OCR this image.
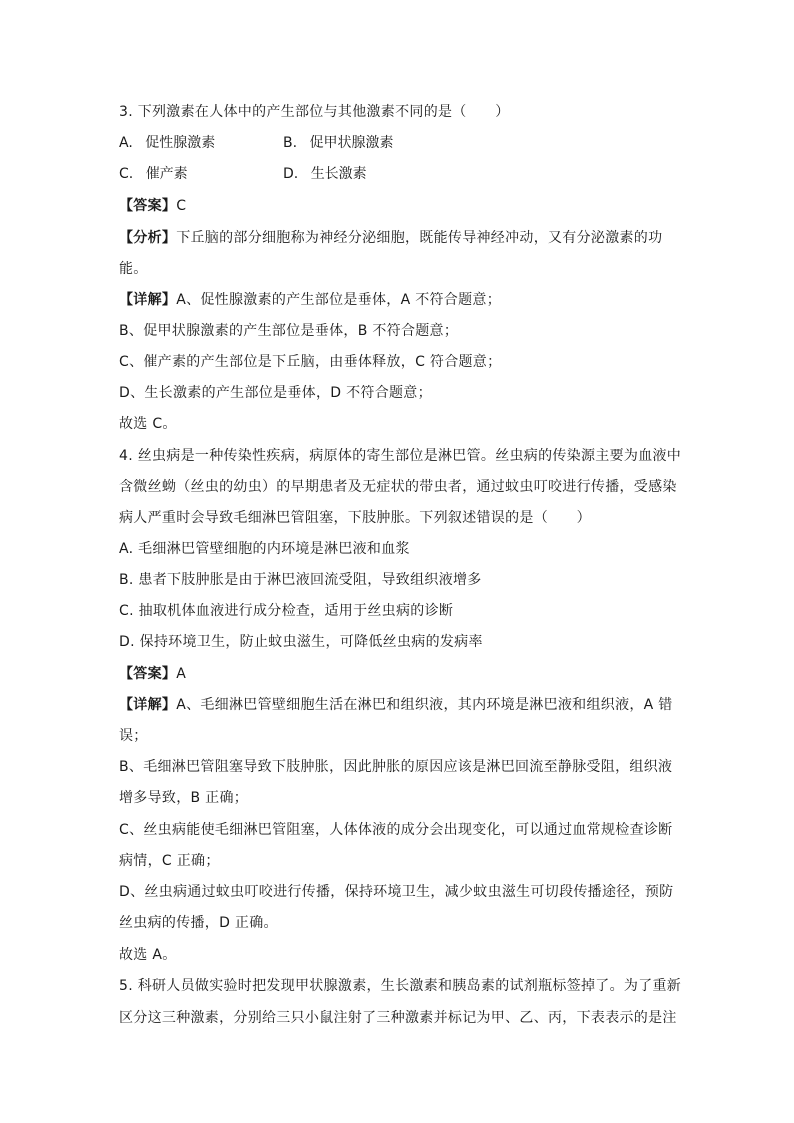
3. 下列激素在人体中的产生部位与其他激素不同的是（　　）
A. 促性腺激素	B. 促甲状腺激素
C. 催产素	D. 生长激素
【答案】C
【分析】下丘脑的部分细胞称为神经分泌细胞，既能传导神经冲动，又有分泌激素的功
能。
【详解】A、促性腺激素的产生部位是垂体，A 不符合题意；
B、促甲状腺激素的产生部位是垂体，B 不符合题意；
C、催产素的产生部位是下丘脑，由垂体释放，C 符合题意；
D、生长激素的产生部位是垂体，D 不符合题意；
故选 C。
4. 丝虫病是一种传染性疾病，病原体的寄生部位是淋巴管。丝虫病的传染源主要为血液中
含微丝蚴（丝虫的幼虫）的早期患者及无症状的带虫者，通过蚊虫叮咬进行传播，受感染
病人严重时会导致毛细淋巴管阻塞，下肢肿胀。下列叙述错误的是（　　）
A. 毛细淋巴管壁细胞的内环境是淋巴液和血浆
B. 患者下肢肿胀是由于淋巴液回流受阻，导致组织液增多
C. 抽取机体血液进行成分检查，适用于丝虫病的诊断
D. 保持环境卫生，防止蚊虫滋生，可降低丝虫病的发病率
【答案】A
【详解】A、毛细淋巴管壁细胞生活在淋巴和组织液，其内环境是淋巴液和组织液，A 错
误；
B、毛细淋巴管阻塞导致下肢肿胀，因此肿胀的原因应该是淋巴回流至静脉受阻，组织液
增多导致，B 正确；
C、丝虫病能使毛细淋巴管阻塞，人体体液的成分会出现变化，可以通过血常规检查诊断
病情，C 正确；
D、丝虫病通过蚊虫叮咬进行传播，保持环境卫生，减少蚊虫滋生可切段传播途径，预防
丝虫病的传播，D 正确。
故选 A。
5. 科研人员做实验时把发现甲状腺激素，生长激素和胰岛素的试剂瓶标签掉了。为了重新
区分这三种激素，分别给三只小鼠注射了三种激素并标记为甲、乙、丙，下表表示的是注
